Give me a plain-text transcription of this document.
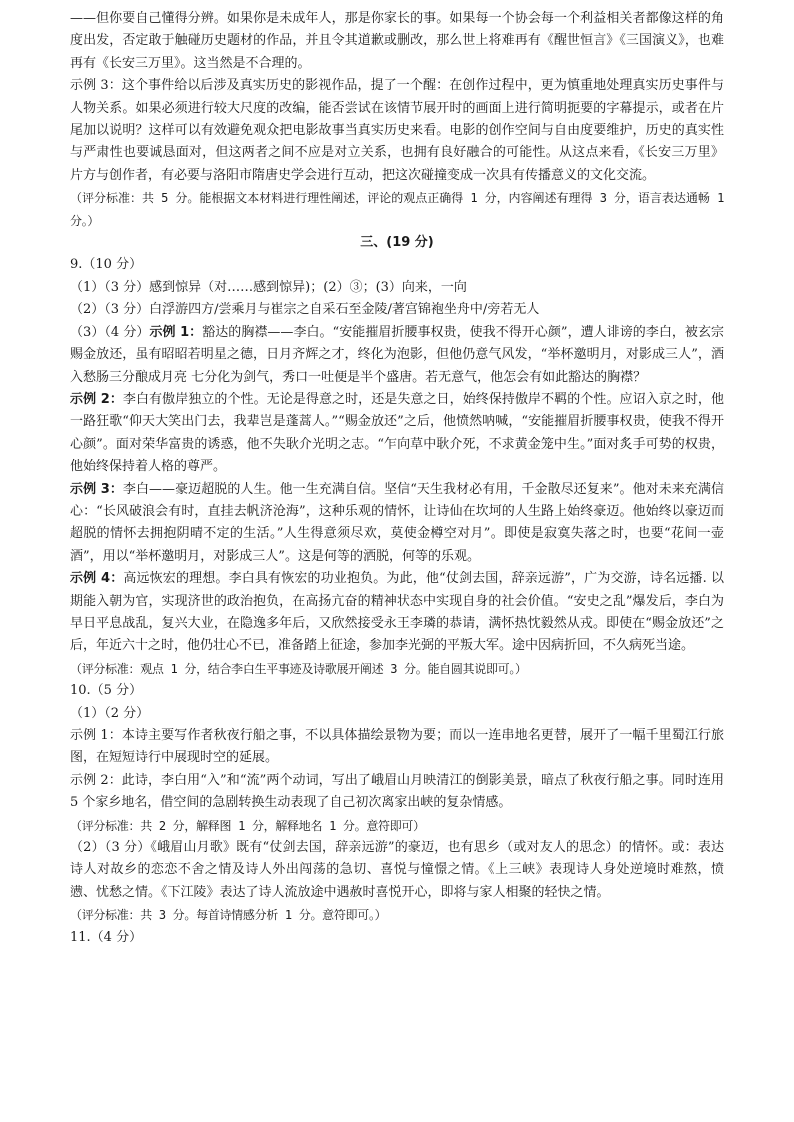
——但你要自己懂得分辨。如果你是未成年人，那是你家长的事。如果每一个协会每一个利益相关者都像这样的角度出发，否定敢于触碰历史题材的作品，并且令其道歉或删改，那么世上将难再有《醒世恒言》《三国演义》，也难再有《长安三万里》。这当然是不合理的。

示例 3：这个事件给以后涉及真实历史的影视作品，提了一个醒：在创作过程中，更为慎重地处理真实历史事件与人物关系。如果必须进行较大尺度的改编，能否尝试在该情节展开时的画面上进行简明扼要的字幕提示，或者在片尾加以说明？这样可以有效避免观众把电影故事当真实历史来看。电影的创作空间与自由度要维护，历史的真实性与严肃性也要诚恳面对，但这两者之间不应是对立关系，也拥有良好融合的可能性。从这点来看，《长安三万里》片方与创作者，有必要与洛阳市隋唐史学会进行互动，把这次碰撞变成一次具有传播意义的文化交流。

（评分标准：共 5 分。能根据文本材料进行理性阐述，评论的观点正确得 1 分，内容阐述有理得 3 分，语言表达通畅 1 分。）

三、(19 分)

9.（10 分）

（1）（3 分）感到惊异（对……感到惊异)；(2）③；(3）向来，一向

（2）（3 分）白浮游四方/尝乘月与崔宗之自采石至金陵/著宫锦袍坐舟中/旁若无人

（3）（4 分）示例 1：豁达的胸襟——李白。“安能摧眉折腰事权贵，使我不得开心颜”，遭人诽谤的李白，被玄宗赐金放还，虽有昭昭若明星之德，日月齐辉之才，终化为泡影，但他仍意气风发，“举杯邀明月，对影成三人”，酒入愁肠三分酿成月亮 七分化为剑气，秀口一吐便是半个盛唐。若无意气，他怎会有如此豁达的胸襟？

示例 2：李白有傲岸独立的个性。无论是得意之时，还是失意之日，始终保持傲岸不羁的个性。应诏入京之时，他一路狂歌“仰天大笑出门去，我辈岂是蓬蒿人。”“赐金放还”之后，他愤然呐喊，“安能摧眉折腰事权贵，使我不得开心颜”。面对荣华富贵的诱惑，他不失耿介光明之志。“乍向草中耿介死，不求黄金笼中生。”面对炙手可势的权贵，他始终保持着人格的尊严。

示例 3：李白——豪迈超脱的人生。他一生充满自信。坚信“天生我材必有用，千金散尽还复来”。他对未来充满信心：“长风破浪会有时，直挂去帆济沧海”，这种乐观的情怀，让诗仙在坎坷的人生路上始终豪迈。他始终以豪迈而超脱的情怀去拥抱阴晴不定的生活。”人生得意须尽欢，莫使金樽空对月”。即使是寂寞失落之时，也要“花间一壶酒”，用以“举杯邀明月，对影成三人”。这是何等的洒脱，何等的乐观。

示例 4：高远恢宏的理想。李白具有恢宏的功业抱负。为此，他“仗剑去国，辞亲远游”，广为交游，诗名远播. 以期能入朝为官，实现济世的政治抱负，在高扬亢奋的精神状态中实现自身的社会价值。“安史之乱”爆发后，李白为早日平息战乱，复兴大业，在隐逸多年后，又欣然接受永王李璘的恭请，满怀热忱毅然从戎。即使在“赐金放还”之后，年近六十之时，他仍壮心不已，准备踏上征途，参加李光弼的平叛大军。途中因病折回，不久病死当途。

（评分标准：观点 1 分，结合李白生平事迹及诗歌展开阐述 3 分。能自圆其说即可。）

10.（5 分）

（1）（2 分）

示例 1：本诗主要写作者秋夜行船之事，不以具体描绘景物为要；而以一连串地名更替，展开了一幅千里蜀江行旅图，在短短诗行中展现时空的延展。

示例 2：此诗，李白用“入”和“流”两个动词，写出了峨眉山月映清江的倒影美景，暗点了秋夜行船之事。同时连用 5 个家乡地名，借空间的急剧转换生动表现了自己初次离家出峡的复杂情感。

（评分标准：共 2 分，解释图 1 分，解释地名 1 分。意符即可）

（2）（3 分）《峨眉山月歌》既有“仗剑去国，辞亲远游”的豪迈，也有思乡（或对友人的思念）的情怀。或：表达诗人对故乡的恋恋不舍之情及诗人外出闯荡的急切、喜悦与憧憬之情。《上三峡》表现诗人身处逆境时难熬，愤懑、忧愁之情。《下江陵》表达了诗人流放途中遇赦时喜悦开心，即将与家人相聚的轻快之情。

（评分标准：共 3 分。每首诗情感分析 1 分。意符即可。）

11.（4 分）
